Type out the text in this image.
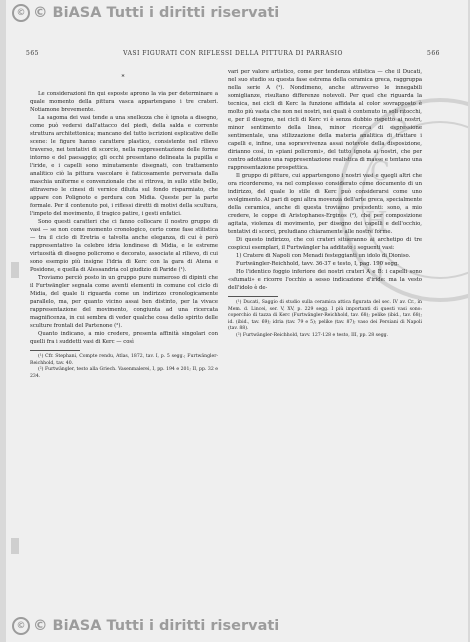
© © BiASA Tutti i diritti riservati
S
C
H
I
565	VASI FIGURATI CON RIFLESSI DELLA PITTURA DI PARRASIO	566
*

Le considerazioni fin qui esposte aprono la via per determinare a quale momento della pittura vasca appartengano i tre crateri. Notiamone brevemente.

La sagoma dei vasi tende a una snellezza che è ignota a disegno, come può vedersi dall'attacco del piedi, della salda e corrente struttura architettonica; mancano del tutto iscrizioni esplicative delle scene: le figure hanno carattere plastico, consistente nel rilievo traverso, nei tentativi di scorcio, nella rappresentazione delle forme intorno e del paesaggio; gli occhi presentano delineata la pupilla e l'iride, e i capelli sono minutamente disegnati, con trattamento analitico ciò la pittura vascolare è faticosamente perversata dalla maschia uniforme e convenzionale che si ritrova, in sullo stile bello, attraverso le cinesi di vernice diluita sul fondo risparmiato, che appare con Polignoto e perdura con Midia. Queste per la parte formale. Per il contenuto poi, i riflessi diretti di motivi della scultura, l'impeto del movimento, il tragico patire, i gesti enfatici.

Sono questi caratteri che ci fanno collocare il nostro gruppo di vasi — se non come momento cronologico, certo come fase stilistica — tra il ciclo di Eretria e talvolta anche eleganza, di cui è però rappresentativo la celebre idria londinese di Midia, e le estreme virtuosità di disegno policromo e decorato, associate al rilievo, di cui sono esempio più insigne l'idria di Kerc con la gara di Atena e Posidone, e quella di Alessandria col giudizio di Paride (¹).

Troviamo perciò posto in un gruppo pure numeroso di dipinti che il Furtwängler segnala come aventi elementi in comune col ciclo di Midia, del quale li riguarda come un indirizzo cronologicamente parallelo, ma, per quanto vicino assai ben distinto, per la vivace rappresentazione del movimento, congiunta ad una ricercata magnificenza, in cui sembra di veder qualche cosa dello spirito delle sculture frontali del Partenone (²).

Quanto indicano, a mio credere, presenta affinità singolari con quelli fra i suddetti vasi di Kerc — così

(¹) Cfr. Stephani, Compte rendu, Atlas, 1872, tav. I, p. 5 segg.; Furtwängler-Reichhold, tav. 40.

(²) Furtwängler, testo alla Griech. Vasenmalerei, I, pp. 194 e 201; II, pp. 32 e 234.

vari per valore artistico, come per tendenza stilistica — che il Ducati, nel suo studio su questa fase estrema della ceramica greca, raggruppa nella serie A (¹). Nondimeno, anche attraverso le innegabili somiglianze, risultano differenze notevoli. Per quel che riguarda la tecnica, nei cicli di Kerc la funzione affidata al color sovrapposto è molto più vasta che non nei nostri, nei quali è contenuto in soli ritocchi, e, per il disegno, nei cicli di Kerc vi è senza dubbio rispetto ai nostri, minor sentimento della linea, minor ricerca di espressione sentimentale, una stilizzazione della materia analitica di trattare i capelli e, infine, una sopravvivenza assai notevole della disposizione, dirianno così, in «piani policromi», del tutto ignota ai nostri, che per contro adottano una rappresentazione realistica di masse e tentano una rappresentazione prospettica.

Il gruppo di pitture, cui appartengono i nostri vasi e quegli altri che ora ricorderemo, va nel complesso considerato come documento di un indirizzo, del quale lo stile di Kerc può considerarsi come uno svolgimento. Al pari di ogni altra movenza dell'arte greca, specialmente della ceramica, anche di questa troviamo precedenti: sono, a mio credere, le coppe di Aristophanes-Erginos (²), che per composizione agitata, violenza di movimento, per disegno dei capelli e dell'occhio, tentativi di scorci, preludiano chiaramente alle nostre forme.

Di questo indirizzo, che coi crateri situeranno ai archetipo di tre cospicui esemplari, il Furtwängler ha additato i seguenti vasi:

1) Cratere di Napoli con Menadi festeggianti un idolo di Dioniso.

Furtwängler-Reichhold, tavv. 36-37 e testo, I, pag. 190 segg.

Ho l'identico foggio inferiore dei nostri crateri A e B: i capelli sono «sfumati» e ricorre l'occhio a sesso indicazione d'iride: ma la vesto dell'idolo è de-

(¹) Ducati, Saggio di studio sulla ceramica attica figurata del sec. IV av. Cr., in Mem. d. Lincei, ser. V, XV, p. 229 segg. I più importanti di questi vasi sono: coperchio di tazza di Kerc (Furtwängler-Reichhold, tav. 68); pelike (ibid., tav. 68); id. (ibid., tav. 69); idria (tav. 79 e 5); pelike (tav. 87); vaso dei Persiani di Napoli (tav. 88).

(²) Furtwängler-Reichhold, tavv. 127-128 e testo, III, pp. 28 segg.

© © BiASA Tutti i diritti riservati
